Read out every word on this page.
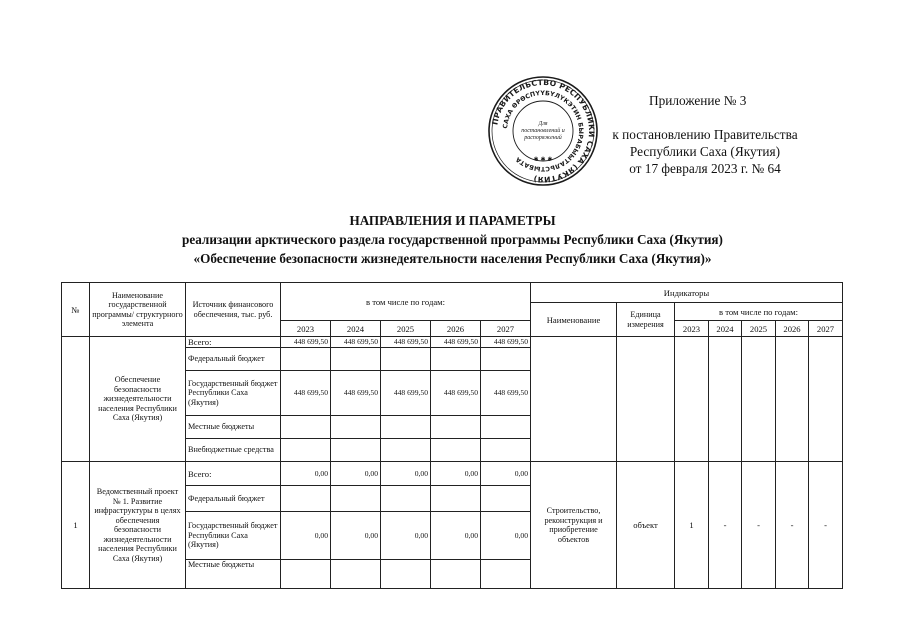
ПРАВИТЕЛЬСТВО РЕСПУБЛИКИ САХА (ЯКУТИЯ)
САХА ӨРӨСПҮҮБҮЛҮКЭТИН БЫРАБЫЫТАЛЬСТЫБАТА
Для
постановлений и
распоряжений
✱ ✱ ✱
Приложение № 3
к постановлению Правительства
Республики Саха (Якутия)
от 17 февраля 2023 г. № 64
НАПРАВЛЕНИЯ И ПАРАМЕТРЫ
реализации арктического раздела государственной программы Республики Саха (Якутия)
«Обеспечение безопасности жизнедеятельности населения Республики Саха (Якутия)»
№	Наименование государственной программы/ структурного элемента	Источник финансового обеспечения, тыс. руб.	в том числе по годам:					Индикаторы						
								Наименование	Единица измерения	в том числе по годам:				
			2023	2024	2025	2026	2027			2023	2024	2025	2026	2027
	Обеспечение безопасности жизнедеятельности населения Республики Саха (Якутия)	Всего:	448 699,50	448 699,50	448 699,50	448 699,50	448 699,50							
		Федеральный бюджет												
		Государственный бюджет Республики Саха (Якутия)	448 699,50	448 699,50	448 699,50	448 699,50	448 699,50							
		Местные бюджеты												
		Внебюджетные средства												
1	Ведомственный проект № 1. Развитие инфраструктуры в целях обеспечения безопасности жизнедеятельности населения Республики Саха (Якутия)	Всего:	0,00	0,00	0,00	0,00	0,00	Строительство, реконструкция и приобретение объектов	объект	1	-	-	-	-
		Федеральный бюджет												
		Государственный бюджет Республики Саха (Якутия)	0,00	0,00	0,00	0,00	0,00							
		Местные бюджеты												
